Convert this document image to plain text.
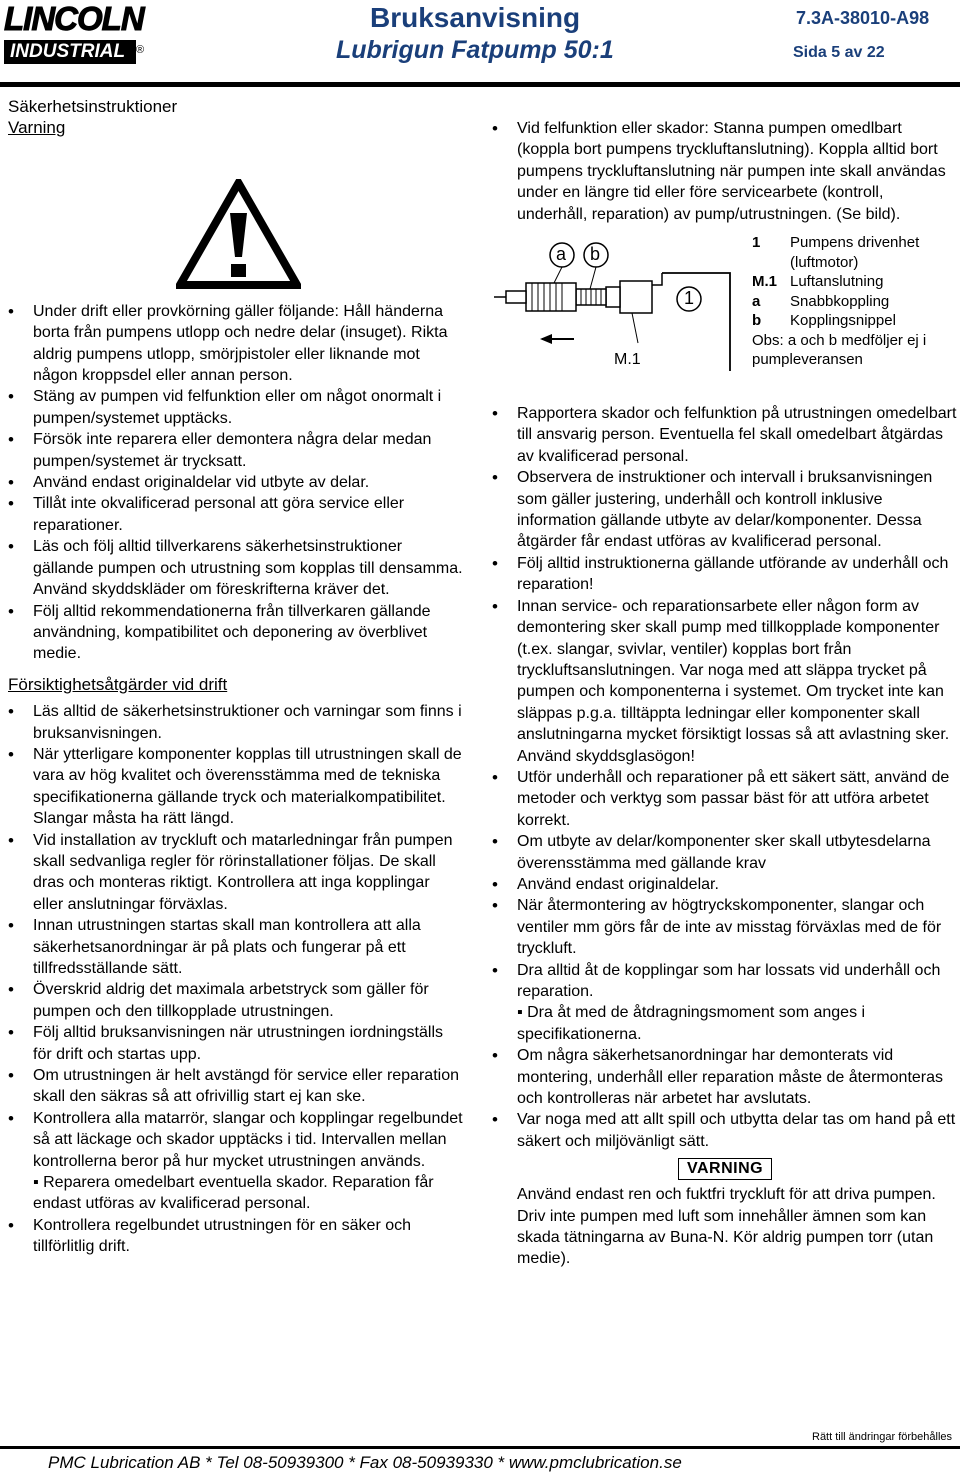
LINCOLN
INDUSTRIAL ®
Bruksanvisning
Lubrigun Fatpump 50:1
7.3A-38010-A98
Sida 5 av 22
Säkerhetsinstruktioner
Varning
• Under drift eller provkörning gäller följande: Håll händerna borta från pumpens utlopp och nedre delar (insuget). Rikta aldrig pumpens utlopp, smörjpistoler eller liknande mot någon kroppsdel eller annan person.
• Stäng av pumpen vid felfunktion eller om något onormalt i pumpen/systemet upptäcks.
• Försök inte reparera eller demontera några delar medan pumpen/systemet är trycksatt.
• Använd endast originaldelar vid utbyte av delar.
• Tillåt inte okvalificerad personal att göra service eller reparationer.
• Läs och följ alltid tillverkarens säkerhetsinstruktioner gällande pumpen och utrustning som kopplas till densamma.
Använd skyddskläder om föreskrifterna kräver det.
• Följ alltid rekommendationerna från tillverkaren gällande användning, kompatibilitet och deponering av överblivet medie.
Försiktighetsåtgärder vid drift
• Läs alltid de säkerhetsinstruktioner och varningar som finns i bruksanvisningen.
• När ytterligare komponenter kopplas till utrustningen skall de vara av hög kvalitet och överensstämma med de tekniska specifikationerna gällande tryck och materialkompatibilitet. Slangar måsta ha rätt längd.
• Vid installation av tryckluft och matarledningar från pumpen skall sedvanliga regler för rörinstallationer följas. De skall dras och monteras riktigt. Kontrollera att inga kopplingar eller anslutningar förväxlas.
• Innan utrustningen startas skall man kontrollera att alla säkerhetsanordningar är på plats och fungerar på ett tillfredsställande sätt.
• Överskrid aldrig det maximala arbetstryck som gäller för pumpen och den tillkopplade utrustningen.
• Följ alltid bruksanvisningen när utrustningen iordningställs för drift och startas upp.
• Om utrustningen är helt avstängd för service eller reparation skall den säkras så att ofrivillig start ej kan ske.
• Kontrollera alla matarrör, slangar och kopplingar regelbundet så att läckage och skador upptäcks i tid. Intervallen mellan kontrollerna beror på hur mycket utrustningen används.
▪ Reparera omedelbart eventuella skador. Reparation får endast utföras av kvalificerad personal.
• Kontrollera regelbundet utrustningen för en säker och tillförlitlig drift.
• Vid felfunktion eller skador: Stanna pumpen omedlbart (koppla bort pumpens tryckluftanslutning). Koppla alltid bort pumpens tryckluftanslutning när pumpen inte skall användas under en längre tid eller före servicearbete (kontroll, underhåll, reparation) av pump/utrustningen. (Se bild).
a b
1
M.1
1	Pumpens drivenhet (luftmotor)
M.1 Luftanslutning
a	Snabbkoppling
b	Kopplingsnippel
Obs: a och b medföljer ej i pumpleveransen
• Rapportera skador och felfunktion på utrustningen omedelbart till ansvarig person. Eventuella fel skall omedelbart åtgärdas av kvalificerad personal.
• Observera de instruktioner och intervall i bruksanvisningen som gäller justering, underhåll och kontroll inklusive information gällande utbyte av delar/komponenter. Dessa åtgärder får endast utföras av kvalificerad personal.
• Följ alltid instruktionerna gällande utförande av underhåll och reparation!
• Innan service- och reparationsarbete eller någon form av demontering sker skall pump med tillkopplade komponenter (t.ex. slangar, svivlar, ventiler) kopplas bort från tryckluftsanslutningen. Var noga med att släppa trycket på pumpen och komponenterna i systemet. Om trycket inte kan släppas p.g.a. tilltäppta ledningar eller komponenter skall anslutningarna mycket försiktigt lossas så att avlastning sker. Använd skyddsglasögon!
• Utför underhåll och reparationer på ett säkert sätt, använd de metoder och verktyg som passar bäst för att utföra arbetet korrekt.
• Om utbyte av delar/komponenter sker skall utbytesdelarna överensstämma med gällande krav
• Använd endast originaldelar.
• När återmontering av högtryckskomponenter, slangar och ventiler mm görs får de inte av misstag förväxlas med de för tryckluft.
• Dra alltid åt de kopplingar som har lossats vid underhåll och reparation.
▪ Dra åt med de åtdragningsmoment som anges i specifikationerna.
• Om några säkerhetsanordningar har demonterats vid montering, underhåll eller reparation måste de återmonteras och kontrolleras när arbetet har avslutats.
• Var noga med att allt spill och utbytta delar tas om hand på ett säkert och miljövänligt sätt.
VARNING
Använd endast ren och fuktfri tryckluft för att driva pumpen. Driv inte pumpen med luft som innehåller ämnen som kan skada tätningarna av Buna-N. Kör aldrig pumpen torr (utan medie).
Rätt till ändringar förbehålles
PMC Lubrication AB * Tel 08-50939300 * Fax 08-50939330 * www.pmclubrication.se
